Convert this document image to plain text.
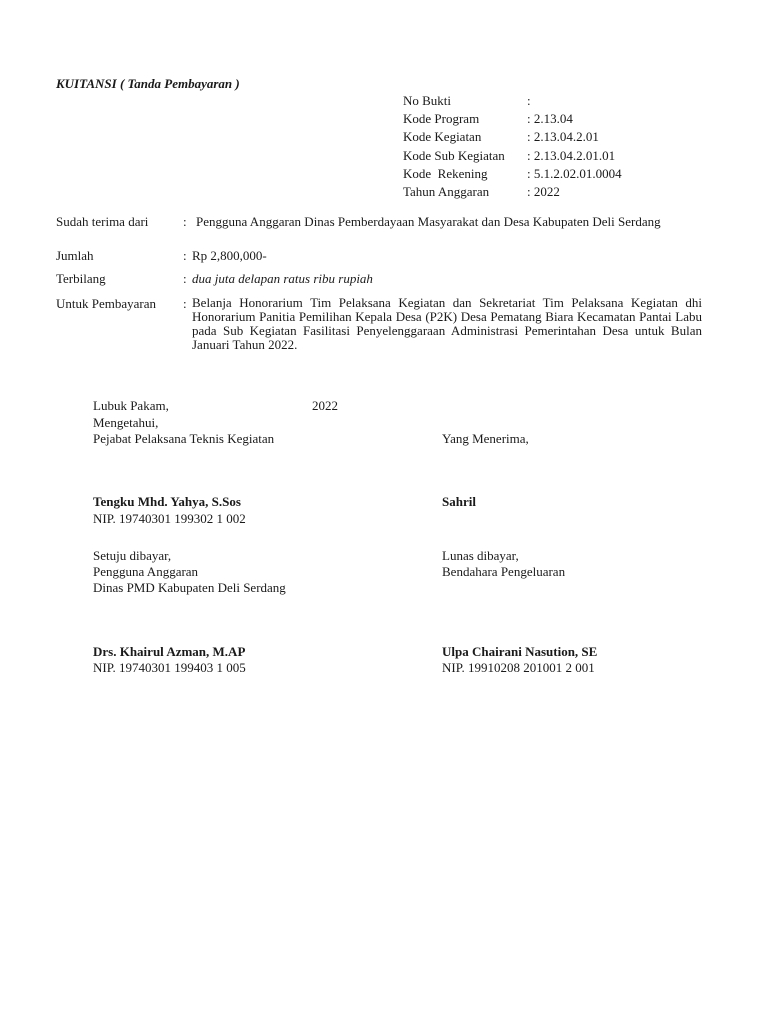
KUITANSI ( Tanda Pembayaran )
No Bukti	:
Kode Program	: 2.13.04
Kode Kegiatan	: 2.13.04.2.01
Kode Sub Kegiatan : 2.13.04.2.01.01
Kode  Rekening	: 5.1.2.02.01.0004
Tahun Anggaran	: 2022
Sudah terima dari	: Pengguna Anggaran Dinas Pemberdayaan Masyarakat dan Desa Kabupaten Deli Serdang
Jumlah	: Rp 2,800,000-
Terbilang	: dua juta delapan ratus ribu rupiah
Untuk Pembayaran : Belanja Honorarium Tim Pelaksana Kegiatan dan Sekretariat Tim Pelaksana Kegiatan dhi Honorarium Panitia Pemilihan Kepala Desa (P2K) Desa Pematang Biara Kecamatan Pantai Labu pada Sub Kegiatan Fasilitasi Penyelenggaraan Administrasi Pemerintahan Desa untuk Bulan Januari Tahun 2022.
Lubuk Pakam,	2022
Mengetahui,
Pejabat Pelaksana Teknis Kegiatan	Yang Menerima,
Tengku Mhd. Yahya, S.Sos
NIP. 19740301 199302 1 002
Sahril
Setuju dibayar,
Pengguna Anggaran
Dinas PMD Kabupaten Deli Serdang
Lunas dibayar,
Bendahara Pengeluaran
Drs. Khairul Azman, M.AP
NIP. 19740301 199403 1 005
Ulpa Chairani Nasution, SE
NIP. 19910208 201001 2 001
